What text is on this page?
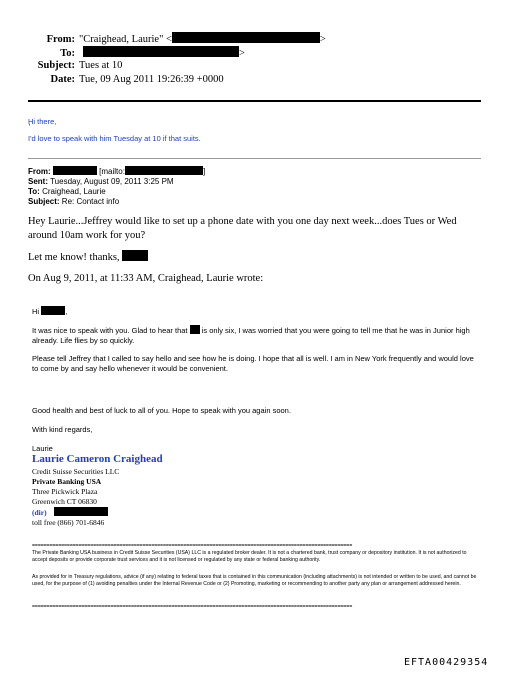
From: "Craighead, Laurie" <	>
To:	>
Subject: Tues at 10
Date: Tue, 09 Aug 2011 19:26:39 +0000
Hi there,
'
I'd love to speak with him Tuesday at 10 if that suits.
From:	[mailto:	]
Sent: Tuesday, August 09, 2011 3:25 PM
To: Craighead, Laurie
Subject: Re: Contact info
Hey Laurie...Jeffrey would like to set up a phone date with you one day next week...does Tues or Wed around 10am work for you?
Let me know! thanks,
On Aug 9, 2011, at 11:33 AM, Craighead, Laurie wrote:
Hi	,
It was nice to speak with you. Glad to hear that is only six, I was worried that you were going to tell me that he was in Junior high already. Life flies by so quickly.
Please tell Jeffrey that I called to say hello and see how he is doing. I hope that all is well. I am in New York frequently and would love to come by and say hello whenever it would be convenient.
Good health and best of luck to all of you. Hope to speak with you again soon.
With kind regards,
Laurie
Laurie Cameron Craighead
Credit Suisse Securities LLC
Private Banking USA
Three Pickwick Plaza
Greenwich CT 06830
(dir)
toll free (866) 701-6846
==============================================================================================================
The Private Banking USA business in Credit Suisse Securities (USA) LLC is a regulated broker dealer. It is not a chartered bank, trust company or depository institution. It is not authorized to accept deposits or provide corporate trust services and it is not licensed or regulated by any state or federal banking authority.
As provided for in Treasury regulations, advice (if any) relating to federal taxes that is contained in this communication (including attachments) is not intended or written to be used, and cannot be used, for the purpose of (1) avoiding penalties under the Internal Revenue Code or (2) Promoting, marketing or recommending to another party any plan or arrangement addressed herein.
==============================================================================================================
EFTA00429354
